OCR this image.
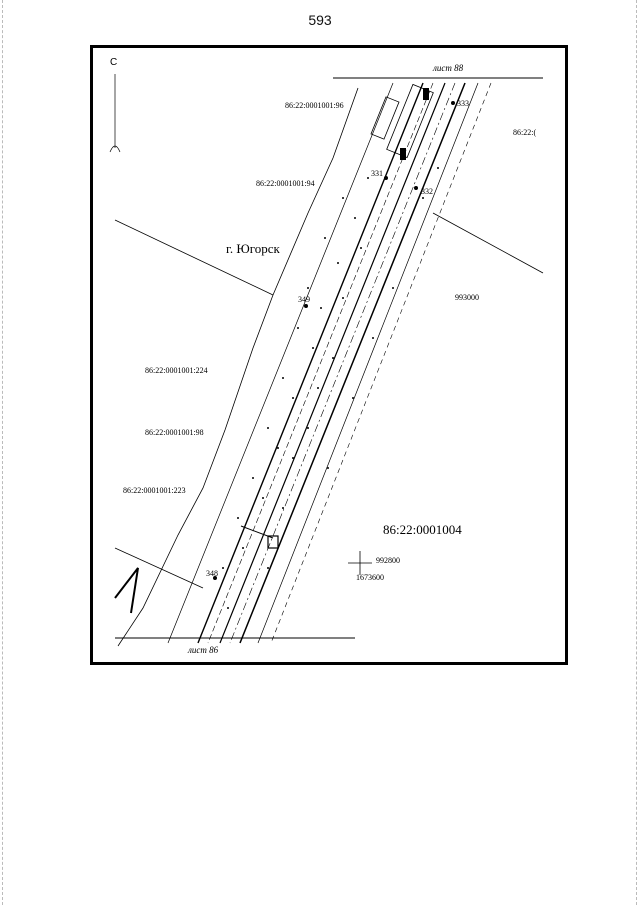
593
С	лист 88
лист 86
86:22:0001001:96
86:22:0001001:94
г. Югорск
86:22:0001001:224
86:22:0001001:98
86:22:0001001:223
86:22:0001004
86:22:(
993000
992800
1673600
331
332
333
349
348
